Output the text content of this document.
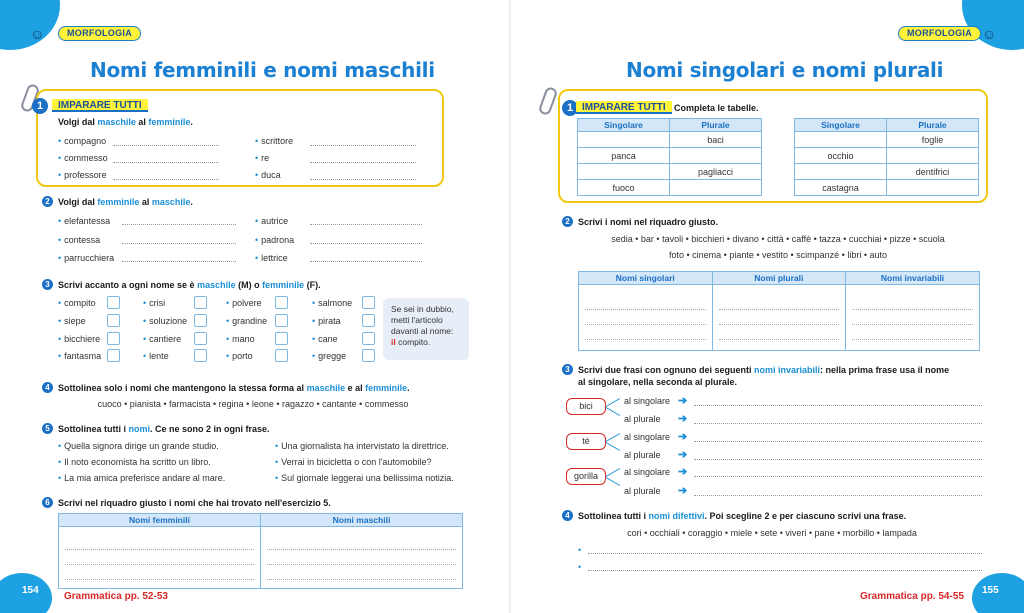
☺	MORFOLOGIA
Nomi femminili e nomi maschili
1	IMPARARE TUTTI
Volgi dal maschile al femminile.
• compagno
• commesso
• professore
• scrittore
• re
• duca
2 Volgi dal femminile al maschile.
• elefantessa
• contessa
• parrucchiera
• autrice
• padrona
• lettrice
3 Scrivi accanto a ogni nome se è maschile (M) o femminile (F).
• compito
• siepe
• bicchiere
• fantasma
• crisi
• soluzione
• cantiere
• lente
• polvere
• grandine
• mano
• porto
• salmone
• pirata
• cane
• gregge
Se sei in dubbio,
metti l'articolo
davanti al nome:
il compito.
4 Sottolinea solo i nomi che mantengono la stessa forma al maschile e al femminile.
cuoco • pianista • farmacista • regina • leone • ragazzo • cantante • commesso
5 Sottolinea tutti i nomi. Ce ne sono 2 in ogni frase.
• Quella signora dirige un grande studio.
• Il noto economista ha scritto un libro.
• La mia amica preferisce andare al mare.
• Una giornalista ha intervistato la direttrice.
• Verrai in bicicletta o con l'automobile?
• Sul giornale leggerai una bellissima notizia.
6 Scrivi nel riquadro giusto i nomi che hai trovato nell'esercizio 5.
Nomi femminili	Nomi maschili

154
Grammatica pp. 52-53
☺
MORFOLOGIA
Nomi singolari e nomi plurali
1 IMPARARE TUTTI Completa le tabelle.
Singolare	Plurale
	baci
panca	
	pagliacci
fuoco	
Singolare	Plurale
	foglie
occhio	
	dentifrici
castagna	
2 Scrivi i nomi nel riquadro giusto.
sedia • bar • tavoli • bicchieri • divano • città • caffè • tazza • cucchiai • pizze • scuola
foto • cinema • piante • vestito • scimpanzé • libri • auto
Nomi singolari	Nomi plurali	Nomi invariabili

3 Scrivi due frasi con ognuno dei seguenti nomi invariabili: nella prima frase usa il nome
al singolare, nella seconda al plurale.
bici	al singolare
al plurale
➔
➔
tè	al singolare
al plurale
➔
➔
gorilla	al singolare
al plurale
➔
➔
4 Sottolinea tutti i nomi difettivi. Poi scegline 2 e per ciascuno scrivi una frase.
cori • occhiali • coraggio • miele • sete • viveri • pane • morbillo • lampada
•
•
155
Grammatica pp. 54-55
